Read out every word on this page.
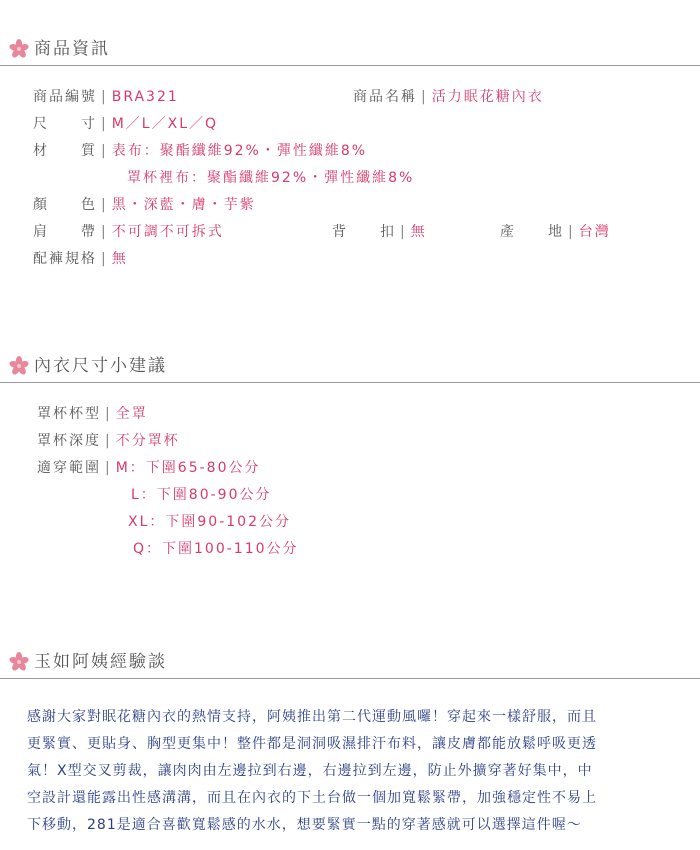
商品資訊
商品編號 | BRA321	商品名稱 | 活力眠花糖內衣
尺　　寸 | M／L／XL／Q
材　　質 | 表布：聚酯纖維92%・彈性纖維8%
罩杯裡布：聚酯纖維92%・彈性纖維8%
顏　　色 | 黑・深藍・膚・芋紫
肩　　帶 | 不可調不可拆式	背　　扣 | 無	產　　地 | 台灣
配褲規格 | 無
內衣尺寸小建議
罩杯杯型 | 全罩
罩杯深度 | 不分罩杯
適穿範圍 | M：下圍65-80公分
L：下圍80-90公分
XL：下圍90-102公分
Q：下圍100-110公分
玉如阿姨經驗談

感謝大家對眠花糖內衣的熱情支持，阿姨推出第二代運動風囉！穿起來一樣舒服，而且

更緊實、更貼身、胸型更集中！整件都是洞洞吸濕排汗布料，讓皮膚都能放鬆呼吸更透

氣！X型交叉剪裁，讓肉肉由左邊拉到右邊，右邊拉到左邊，防止外擴穿著好集中，中

空設計還能露出性感溝溝，而且在內衣的下土台做一個加寬鬆緊帶，加強穩定性不易上

下移動，281是適合喜歡寬鬆感的水水，想要緊實一點的穿著感就可以選擇這件喔～
